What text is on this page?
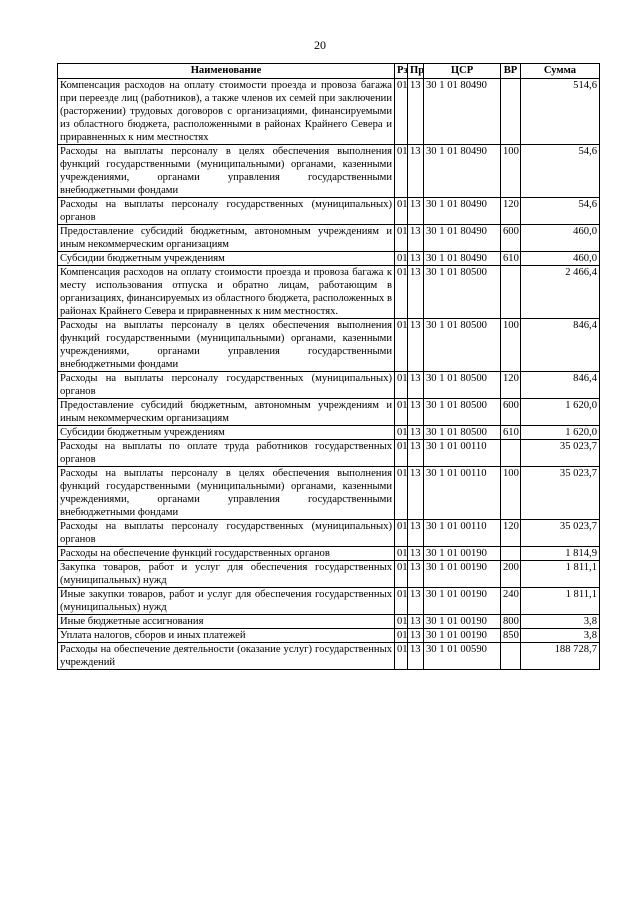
20
Наименование	Рз	Пр	ЦСР	ВР	Сумма
Компенсация расходов на оплату стоимости проезда и провоза багажа при переезде лиц (работников), а также членов их семей при заключении (расторжении) трудовых договоров с организациями, финансируемыми из областного бюджета, расположенными в районах Крайнего Севера и приравненных к ним местностях	01	13	30 1 01 80490		514,6
Расходы на выплаты персоналу в целях обеспечения выполнения функций государственными (муниципальными) органами, казенными учреждениями, органами управления государственными внебюджетными фондами	01	13	30 1 01 80490	100	54,6
Расходы на выплаты персоналу государственных (муниципальных) органов	01	13	30 1 01 80490	120	54,6
Предоставление субсидий бюджетным, автономным учреждениям и иным некоммерческим организациям	01	13	30 1 01 80490	600	460,0
Субсидии бюджетным учреждениям	01	13	30 1 01 80490	610	460,0
Компенсация расходов на оплату стоимости проезда и провоза багажа к месту использования отпуска и обратно лицам, работающим в организациях, финансируемых из областного бюджета, расположенных в районах Крайнего Севера и приравненных к ним местностях.	01	13	30 1 01 80500		2 466,4
Расходы на выплаты персоналу в целях обеспечения выполнения функций государственными (муниципальными) органами, казенными учреждениями, органами управления государственными внебюджетными фондами	01	13	30 1 01 80500	100	846,4
Расходы на выплаты персоналу государственных (муниципальных) органов	01	13	30 1 01 80500	120	846,4
Предоставление субсидий бюджетным, автономным учреждениям и иным некоммерческим организациям	01	13	30 1 01 80500	600	1 620,0
Субсидии бюджетным учреждениям	01	13	30 1 01 80500	610	1 620,0
Расходы на выплаты по оплате труда работников государственных органов	01	13	30 1 01 00110		35 023,7
Расходы на выплаты персоналу в целях обеспечения выполнения функций государственными (муниципальными) органами, казенными учреждениями, органами управления государственными внебюджетными фондами	01	13	30 1 01 00110	100	35 023,7
Расходы на выплаты персоналу государственных (муниципальных) органов	01	13	30 1 01 00110	120	35 023,7
Расходы на обеспечение функций государственных органов	01	13	30 1 01 00190		1 814,9
Закупка товаров, работ и услуг для обеспечения государственных (муниципальных) нужд	01	13	30 1 01 00190	200	1 811,1
Иные закупки товаров, работ и услуг для обеспечения государственных (муниципальных) нужд	01	13	30 1 01 00190	240	1 811,1
Иные бюджетные ассигнования	01	13	30 1 01 00190	800	3,8
Уплата налогов, сборов и иных платежей	01	13	30 1 01 00190	850	3,8
Расходы на обеспечение деятельности (оказание услуг) государственных учреждений	01	13	30 1 01 00590		188 728,7
